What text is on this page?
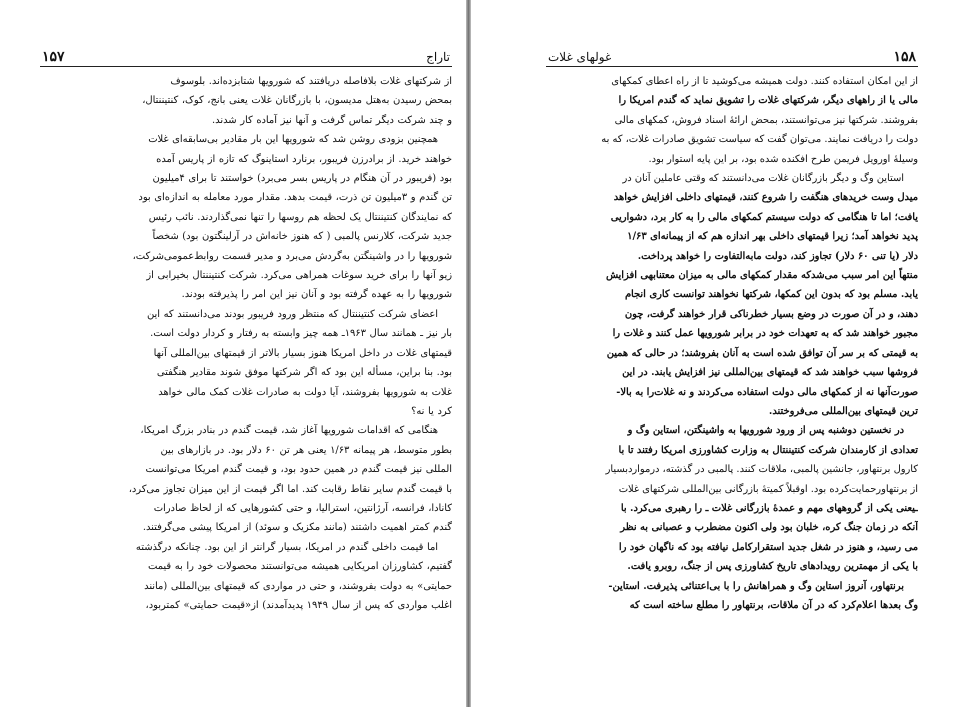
تاراج
۱۵۷

از شرکتهای غلات بلافاصله دریافتند که شورویها شتابزده‌اند. بلوسوف

بمحض رسیدن به‌هتل مدیسون، با بازرگانان غلات یعنی بانج، کوک، کنتیننتال،

و چند شرکت دیگر تماس گرفت و آنها نیز آماده کار شدند.

همچنین بزودی روشن شد که شورویها این بار مقادیر بی‌سابقه‌ای غلات

خواهند خرید. از برادرزن فریبور، برنارد استاینوگ که تازه از پاریس آمده

بود (فریبور در آن هنگام در پاریس بسر می‌برد) خواستند تا برای ۴میلیون

تن گندم و ۳میلیون تن ذرت، قیمت بدهد. مقدار مورد معامله به اندازه‌ای بود

که نمایندگان کنتیننتال یک لحظه هم روسها را تنها نمی‌گذاردند. نائب رئیس

جدید شرکت، کلارنس پالمبی ( که هنوز خانه‌اش در آرلینگتون بود) شخصاً

شورویها را در واشینگتن به‌گردش می‌برد و مدیر قسمت روابط‌عمومی‌شرکت،

زیو آنها را برای خرید سوغات همراهی می‌کرد. شرکت کنتیننتال بخیرابی از

شورویها را به عهده گرفته بود و آنان نیز این امر را پذیرفته بودند.

اعضای شرکت کنتیننتال که منتظر ورود فریبور بودند می‌دانستند که این

بار نیز ـ همانند سال ۱۹۶۳ـ همه چیز وابسته به رفتار و کردار دولت است.

قیمتهای غلات در داخل امریکا هنوز بسیار بالاتر از قیمتهای بین‌المللی آنها

بود. بنا براین، مسأله این بود که اگر شرکتها موفق شوند مقادیر هنگفتی

غلات به شورویها بفروشند، آیا دولت به صادرات غلات کمک مالی خواهد

کرد یا نه؟

هنگامی که اقدامات شورویها آغاز شد، قیمت گندم در بنادر بزرگ امریکا،

بطور متوسط، هر پیمانه ۱/۶۳ یعنی هر تن ۶۰ دلار بود. در بازارهای بین‌

المللی نیز قیمت گندم در همین حدود بود، و قیمت گندم امریکا می‌توانست

با قیمت گندم سایر نقاط رقابت کند. اما اگر قیمت از این میزان تجاوز می‌کرد،

کانادا، فرانسه، آرژانتین، استرالیا، و حتی کشورهایی که از لحاظ صادرات

گندم کمتر اهمیت داشتند (مانند مکزیک و سوئد) از امریکا پیشی می‌گرفتند.

اما قیمت داخلی گندم در امریکا، بسیار گرانتر از این بود. چنانکه درگذشته

گفتیم، کشاورزان امریکایی همیشه می‌توانستند محصولات خود را به قیمت

حمایتی» به دولت بفروشند، و حتی در مواردی که قیمتهای بین‌المللی (مانند

اغلب مواردی که پس از سال ۱۹۴۹ پدیدآمدند) از«قیمت حمایتی» کمتربود،

۱۵۸
غولهای غلات

از این امکان استفاده کنند. دولت همیشه می‌کوشید تا از راه اعطای کمکهای

مالی یا از راههای دیگر، شرکتهای غلات را تشویق نماید که گندم امریکا را

بفروشند. شرکتها نیز می‌توانستند، بمحض ارائهٔ اسناد فروش، کمکهای مالی

دولت را دریافت نمایند. می‌توان گفت که سیاست تشویق صادرات غلات، که به

وسیلهٔ اورویل فریمن طرح افکنده شده بود، بر این پایه استوار بود.

استاین وگ و دیگر بازرگانان غلات می‌دانستند که وقتی عاملین آنان در

میدل وست خریدهای هنگفت را شروع کنند، قیمتهای داخلی افزایش خواهد

یافت؛ اما تا هنگامی که دولت سیستم کمکهای مالی را به کار برد، دشواریی

پدید نخواهد آمد؛ زیرا قیمتهای داخلی بهر اندازه هم که از پیمانه‌ای ۱/۶۳

دلار (یا تنی ۶۰ دلار) تجاوز کند، دولت مابه‌التفاوت را خواهد پرداخت.

منتهاً این امر سبب می‌شدکه مقدار کمکهای مالی به میزان معتنابهی افزایش

یابد. مسلم بود که بدون این کمکها، شرکتها نخواهند توانست کاری انجام

دهند، و در آن صورت در وضع بسیار خطرناکی قرار خواهند گرفت، چون

مجبور خواهند شد که به تعهدات خود در برابر شورویها عمل کنند و غلات را

به قیمتی که بر سر آن توافق شده است به آنان بفروشند؛ در حالی که همین

فروشها سبب خواهند شد که قیمتهای بین‌المللی نیز افزایش یابند. در این

صورت‌آنها نه از کمکهای مالی دولت استفاده می‌کردند و نه غلات‌را به بالا-

ترین قیمتهای بین‌المللی می‌فروختند.

در نخستین دوشنبه پس از ورود شورویها به واشینگتن، استاین وگ و

تعدادی از کارمندان شرکت کنتیننتال به وزارت کشاورزی امریکا رفتند تا با

کارول برنتهاور، جانشین پالمبی، ملاقات کنند. پالمبی در گذشته، درمواردبسیار

از برنتهاورحمایت‌کرده بود. اوقبلاً کمیتهٔ بازرگانی بین‌المللی شرکتهای غلات

ـیعنی یکی از گروههای مهم و عمدهٔ بازرگانی غلات ـ را رهبری می‌کرد. با

آنکه در زمان جنگ کره، خلبان بود ولی اکنون مضطرب و عصبانی به نظر

می رسید، و هنوز در شغل جدید استقرارکامل نیافته بود که ناگهان خود را

با یکی از مهمترین رویدادهای تاریخ کشاورزی پس از جنگ، روبرو یافت.

برنتهاور، آنروز استاین وگ و همراهانش را با بی‌اعتنائی پذیرفت. استاین-

وگ بعدها اعلام‌کرد که در آن ملاقات، برنتهاور را مطلع ساخته است که
